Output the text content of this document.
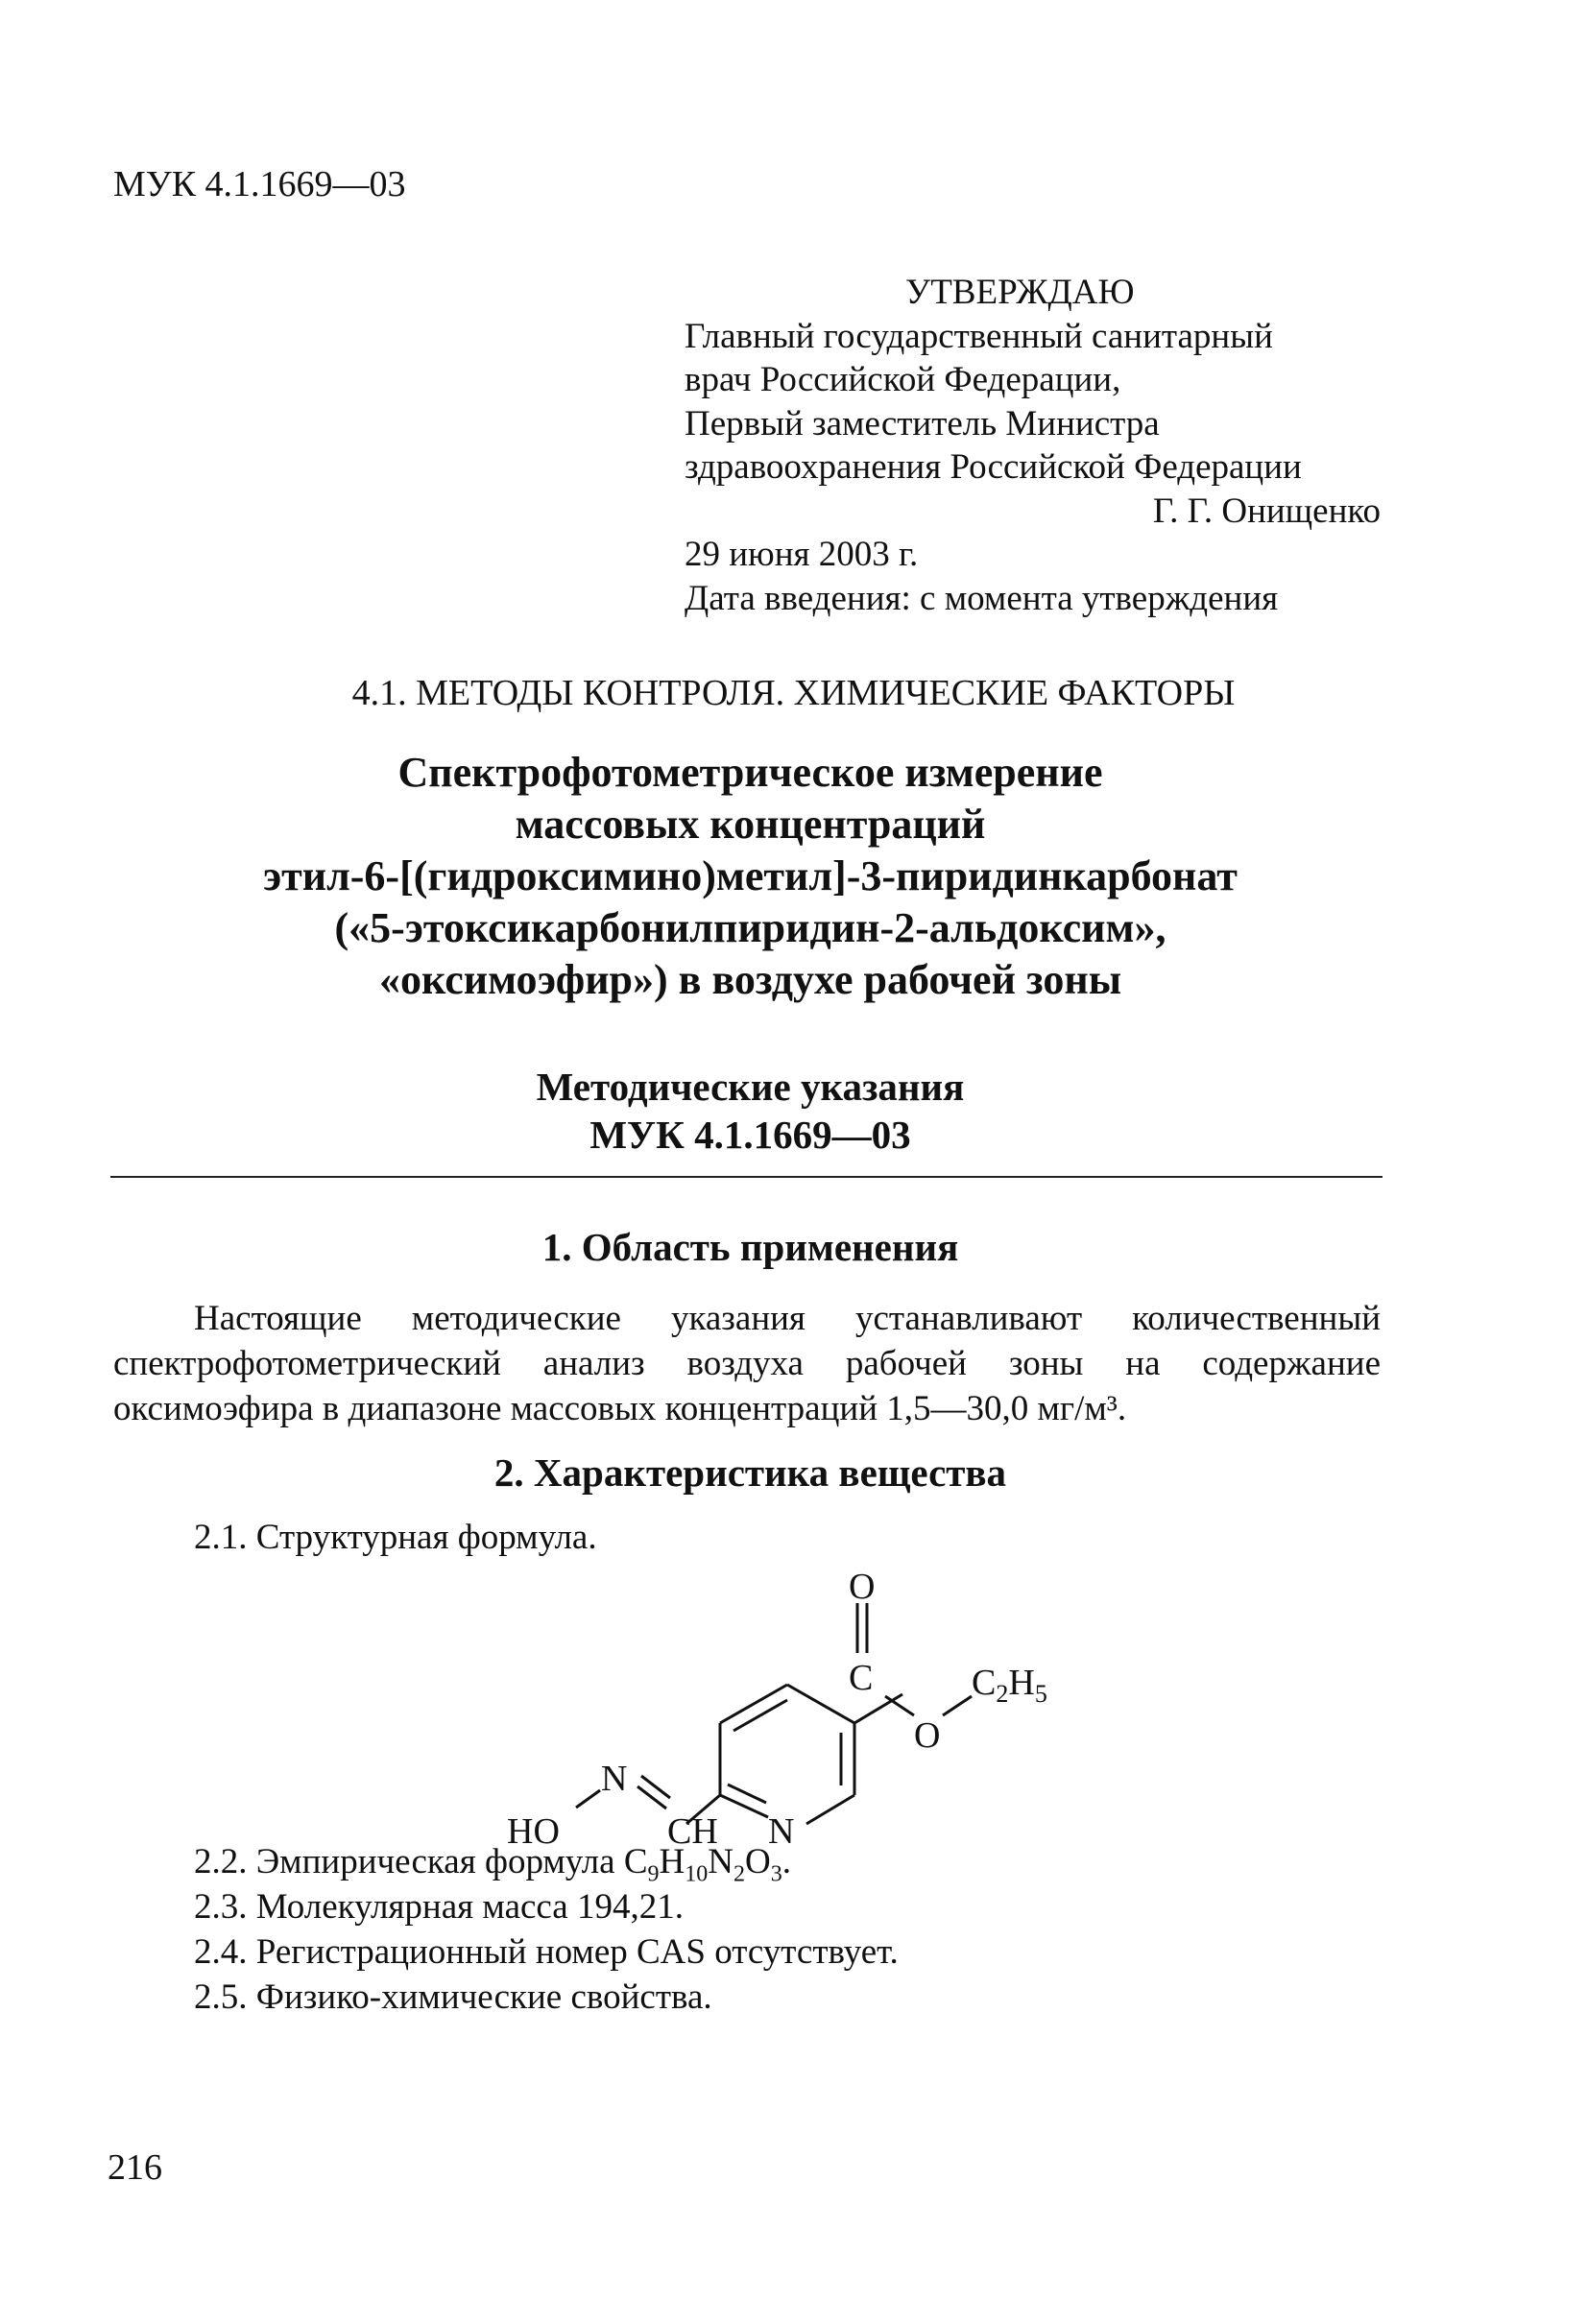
МУК 4.1.1669—03
УТВЕРЖДАЮ
Главный государственный санитарный
врач Российской Федерации,
Первый заместитель Министра
здравоохранения Российской Федерации
Г. Г. Онищенко
29 июня 2003 г.
Дата введения: с момента утверждения
4.1. МЕТОДЫ КОНТРОЛЯ. ХИМИЧЕСКИЕ ФАКТОРЫ
Спектрофотометрическое измерение
массовых концентраций
этил-6-[(гидроксимино)метил]-3-пиридинкарбонат
(«5-этоксикарбонилпиридин-2-альдоксим»,
«оксимоэфир») в воздухе рабочей зоны
Методические указания
МУК 4.1.1669—03
1. Область применения
Настоящие методические указания устанавливают количественный
спектрофотометрический анализ воздуха рабочей зоны на содержание
оксимоэфира в диапазоне массовых концентраций 1,5—30,0 мг/м³.
2. Характеристика вещества
2.1. Структурная формула.
O
C
O
$C_2H_5$
HO
N
CH N
2.2. Эмпирическая формула $C_9H_{10}N_2O_3$.
2.3. Молекулярная масса 194,21.
2.4. Регистрационный номер CAS отсутствует.
2.5. Физико-химические свойства.
216
